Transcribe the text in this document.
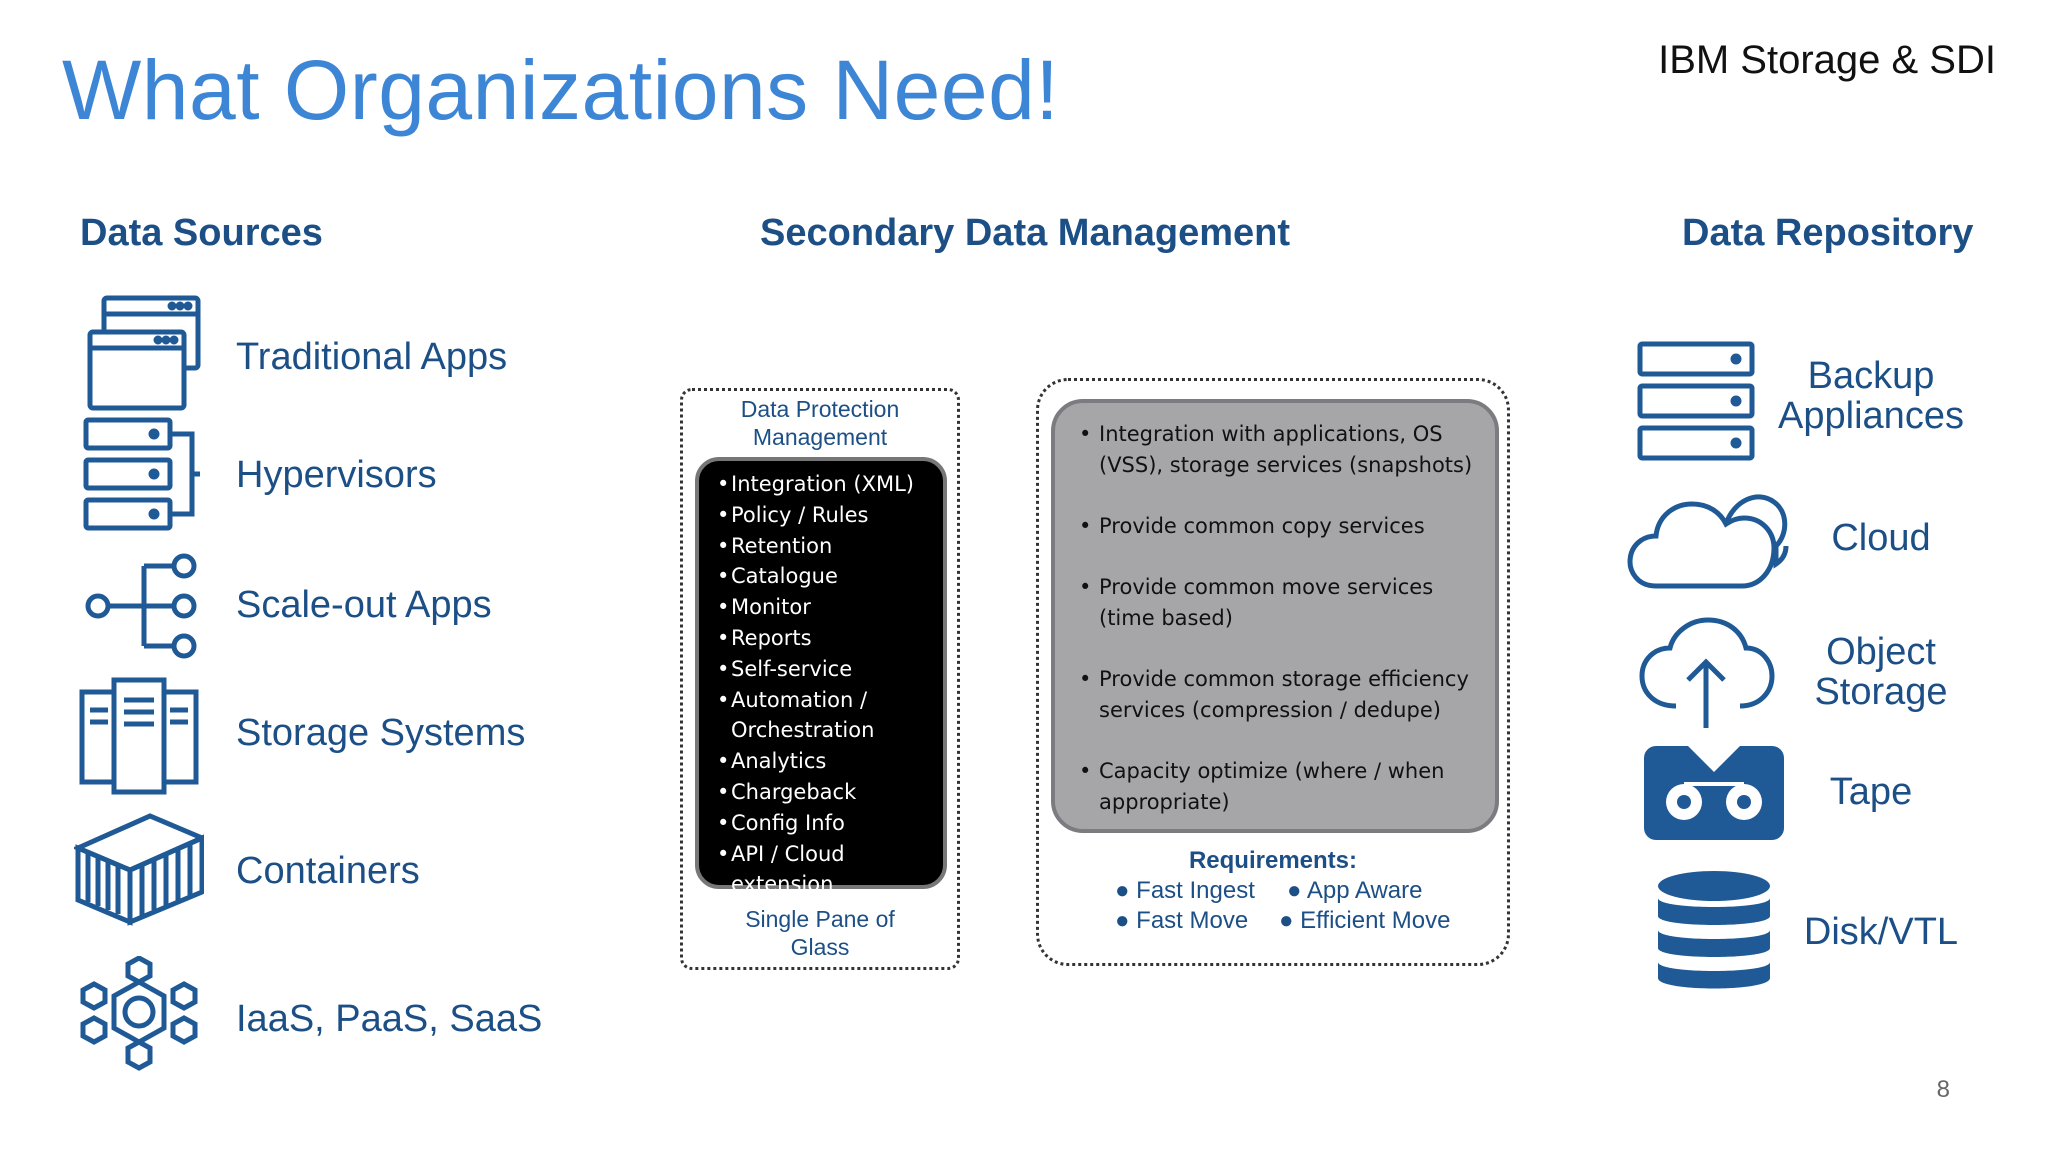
What Organizations Need!	IBM Storage & SDI
Data Sources	Secondary Data Management	Data Repository
Traditional Apps
Hypervisors
Scale-out Apps
Storage Systems
Containers
IaaS, PaaS, SaaS
Data Protection
Management
• Integration (XML)
• Policy / Rules
• Retention
• Catalogue
• Monitor
• Reports
• Self-service
• Automation / Orchestration
• Analytics
• Chargeback
• Config Info
• API / Cloud extension
Single Pane of
Glass
• Integration with applications, OS (VSS), storage services (snapshots)
• Provide common copy services
• Provide common move services (time based)
• Provide common storage efficiency services (compression / dedupe)
• Capacity optimize (where / when appropriate)
Requirements:
● Fast Ingest ● App Aware
● Fast Move ● Efficient Move
Backup
Appliances
Cloud
Object
Storage
Tape
Disk/VTL
8
